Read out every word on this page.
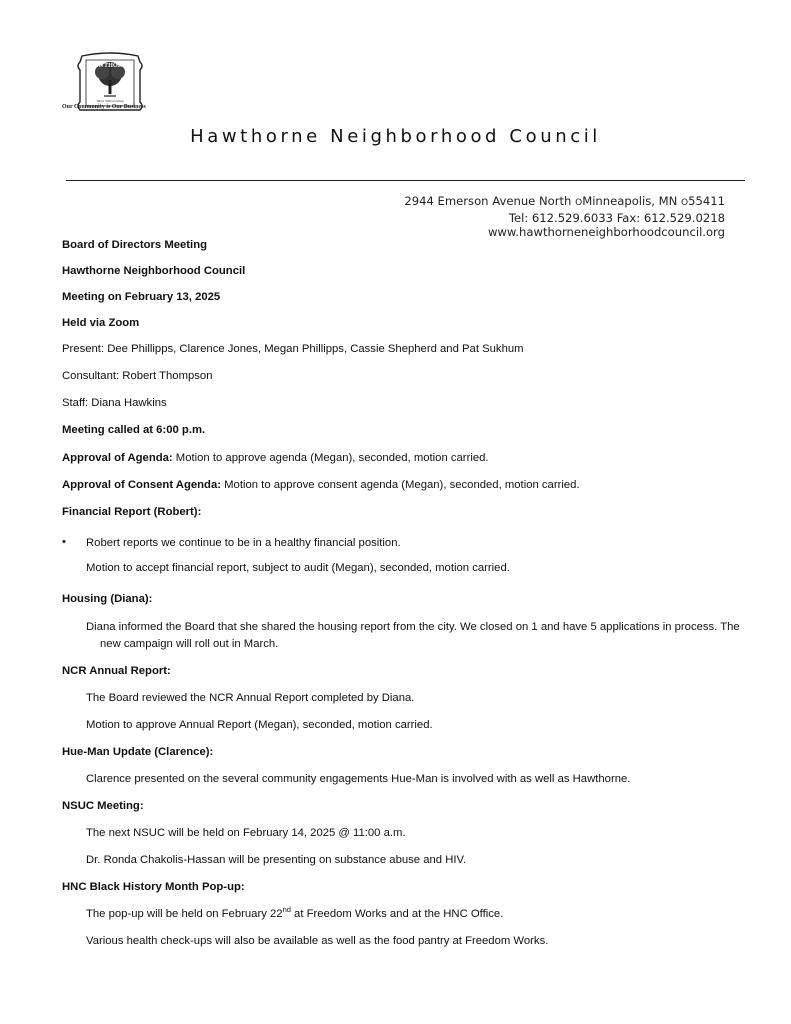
HAWTHORNE
We're Still Growing
Our Community is Our Business
Hawthorne Neighborhood Council
2944 Emerson Avenue North OMinneapolis, MN O55411
Tel: 612.529.6033 Fax: 612.529.0218
www.hawthorneneighborhoodcouncil.org

Board of Directors Meeting

Hawthorne Neighborhood Council

Meeting on February 13, 2025

Held via Zoom

Present: Dee Phillipps, Clarence Jones, Megan Phillipps, Cassie Shepherd and Pat Sukhum

Consultant: Robert Thompson

Staff: Diana Hawkins

Meeting called at 6:00 p.m.

Approval of Agenda: Motion to approve agenda (Megan), seconded, motion carried.

Approval of Consent Agenda: Motion to approve consent agenda (Megan), seconded, motion carried.

Financial Report (Robert):

• Robert reports we continue to be in a healthy financial position.

Motion to accept financial report, subject to audit (Megan), seconded, motion carried.

Housing (Diana):

Diana informed the Board that she shared the housing report from the city. We closed on 1 and have 5 applications in process. The new campaign will roll out in March.

NCR Annual Report:

The Board reviewed the NCR Annual Report completed by Diana.

Motion to approve Annual Report (Megan), seconded, motion carried.

Hue-Man Update (Clarence):

Clarence presented on the several community engagements Hue-Man is involved with as well as Hawthorne.

NSUC Meeting:

The next NSUC will be held on February 14, 2025 @ 11:00 a.m.

Dr. Ronda Chakolis-Hassan will be presenting on substance abuse and HIV.

HNC Black History Month Pop-up:

The pop-up will be held on February 22nd at Freedom Works and at the HNC Office.

Various health check-ups will also be available as well as the food pantry at Freedom Works.
